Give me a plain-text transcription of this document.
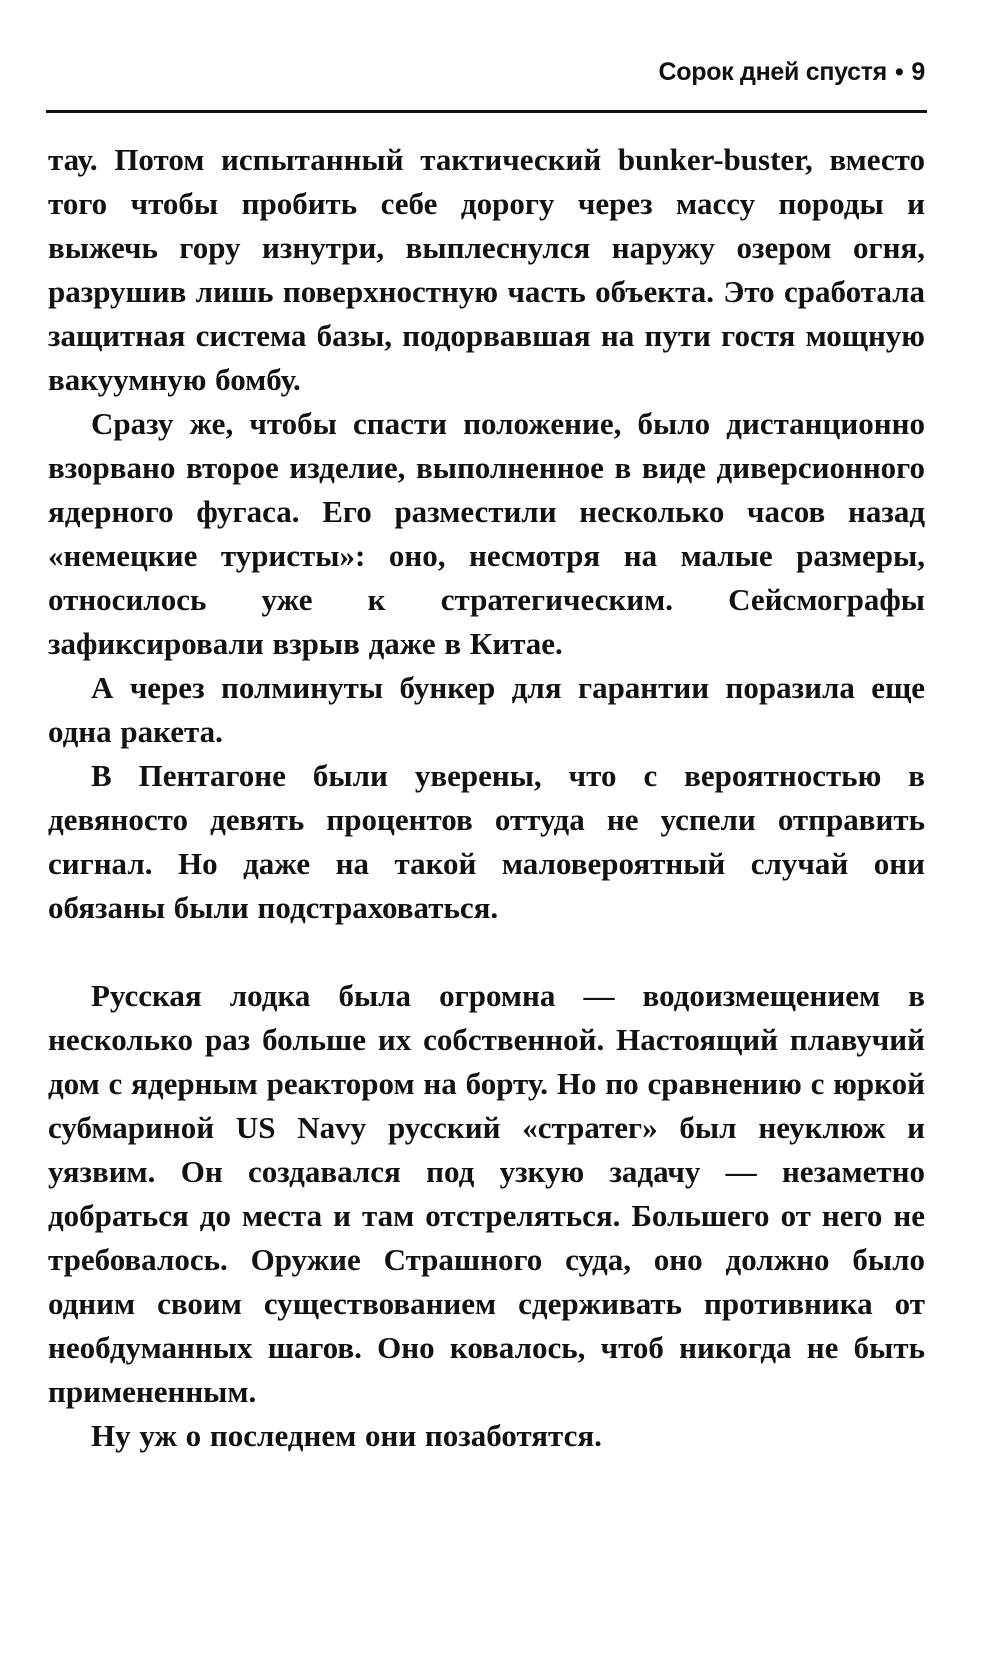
Сорок дней спустя • 9

тау. Потом испытанный тактический bunker-buster, вместо того чтобы пробить себе дорогу через массу породы и выжечь гору изнутри, выплеснулся наружу озером огня, разрушив лишь поверхностную часть объекта. Это сработала защитная система базы, подорвавшая на пути гостя мощную вакуумную бомбу.

Сразу же, чтобы спасти положение, было дистанционно взорвано второе изделие, выполненное в виде диверсионного ядерного фугаса. Его разместили несколько часов назад «немецкие туристы»: оно, несмотря на малые размеры, относилось уже к стратегическим. Сейсмографы зафиксировали взрыв даже в Китае.

А через полминуты бункер для гарантии поразила еще одна ракета.

В Пентагоне были уверены, что с вероятностью в девяносто девять процентов оттуда не успели отправить сигнал. Но даже на такой маловероятный случай они обязаны были подстраховаться.

Русская лодка была огромна — водоизмещением в несколько раз больше их собственной. Настоящий плавучий дом с ядерным реактором на борту. Но по сравнению с юркой субмариной US Navy русский «стратег» был неуклюж и уязвим. Он создавался под узкую задачу — незаметно добраться до места и там отстреляться. Большего от него не требовалось. Оружие Страшного суда, оно должно было одним своим существованием сдерживать противника от необдуманных шагов. Оно ковалось, чтоб никогда не быть примененным.

Ну уж о последнем они позаботятся.
